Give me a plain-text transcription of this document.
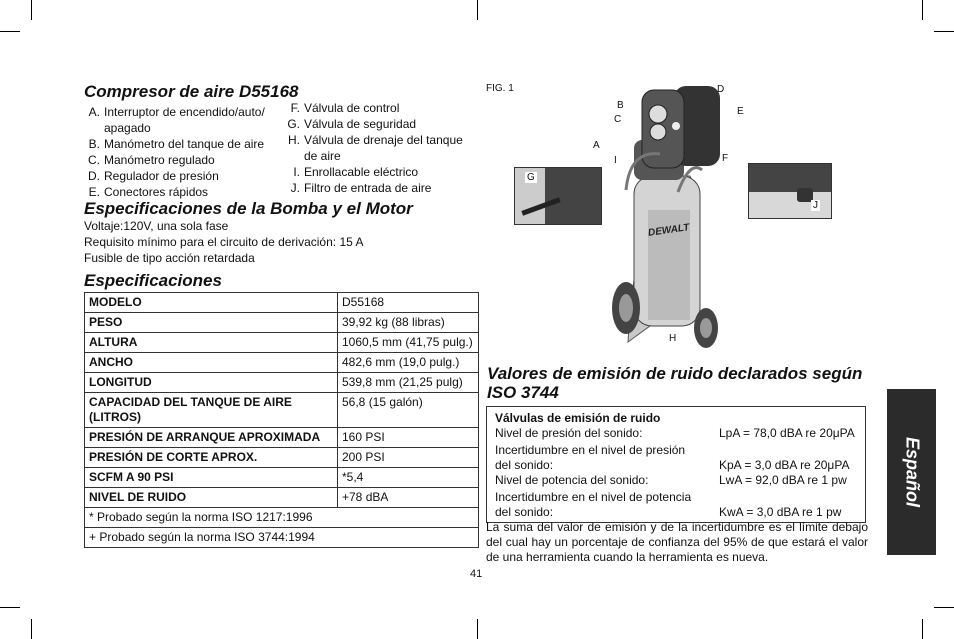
Compresor de aire D55168
A. Interruptor de encendido/auto/ apagado
B. Manómetro del tanque de aire
C. Manómetro regulado
D. Regulador de presión
E. Conectores rápidos
F. Válvula de control
G. Válvula de seguridad
H. Válvula de drenaje del tanque de aire
I. Enrollacable eléctrico
J. Filtro de entrada de aire
Especificaciones de la Bomba y el Motor
Voltaje:120V, una sola fase
Requisito mínimo para el circuito de derivación: 15 A
Fusible de tipo acción retardada
Especificaciones
MODELO	D55168
PESO	39,92 kg (88 libras)
ALTURA	1060,5 mm (41,75 pulg.)
ANCHO	482,6 mm (19,0 pulg.)
LONGITUD	539,8 mm (21,25 pulg)
CAPACIDAD DEL TANQUE DE AIRE (LITROS)	56,8 (15 galón)
PRESIÓN DE ARRANQUE APROXIMADA	160 PSI
PRESIÓN DE CORTE APROX.	200 PSI
SCFM A 90 PSI	*5,4
NIVEL DE RUIDO	+78 dBA
* Probado según la norma ISO 1217:1996	
+ Probado según la norma ISO 3744:1994	
FIG. 1	D
B
E
C
A
I	F
H
DEWALT
G
J
Valores de emisión de ruido declarados según ISO 3744
Válvulas de emisión de ruido
Nivel de presión del sonido:	LpA = 78,0 dBA re 20μPA
Incertidumbre en el nivel de presión
del sonido:	KpA = 3,0 dBA re 20μPA
Nivel de potencia del sonido:	LwA = 92,0 dBA re 1 pw
Incertidumbre en el nivel de potencia
del sonido:	KwA = 3,0 dBA re 1 pw
La suma del valor de emisión y de la incertidumbre es el límite debajo del cual hay un porcentaje de confianza del 95% de que estará el valor de una herramienta cuando la herramienta es nueva.
41
Español
